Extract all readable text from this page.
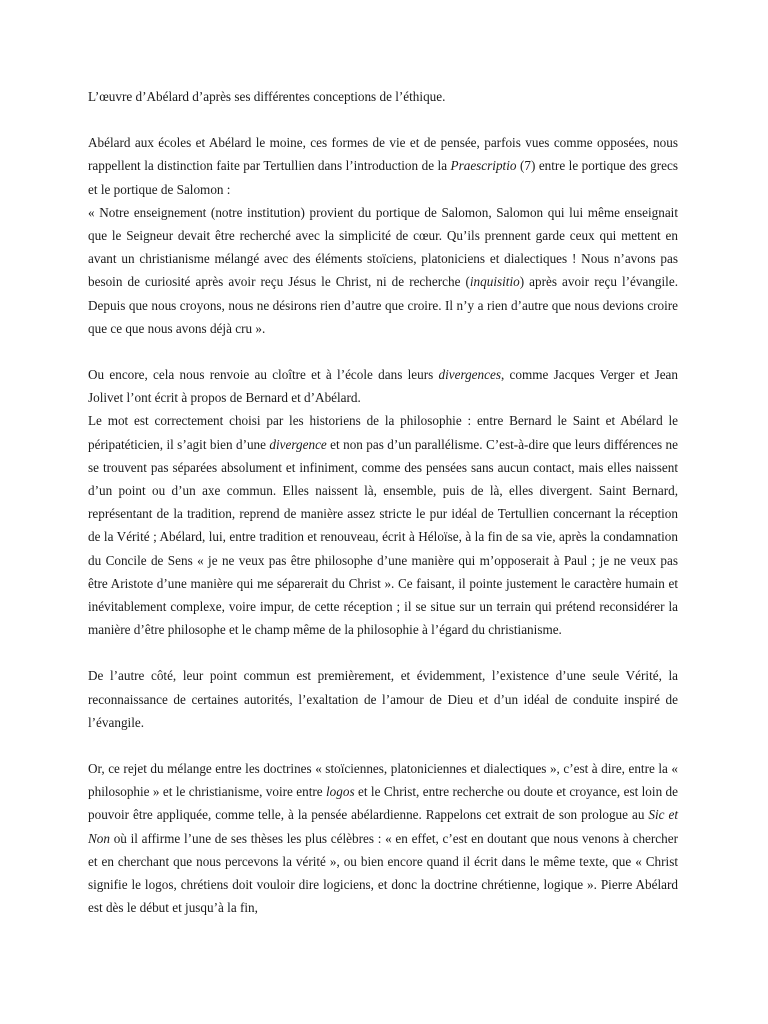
L’œuvre d’Abélard d’après ses différentes conceptions de l’éthique.

Abélard aux écoles et Abélard le moine, ces formes de vie et de pensée, parfois vues comme opposées, nous rappellent la distinction faite par Tertullien dans l’introduction de la Praescriptio (7) entre le portique des grecs et le portique de Salomon :

« Notre enseignement (notre institution) provient du portique de Salomon, Salomon qui lui même enseignait que le Seigneur devait être recherché avec la simplicité de cœur. Qu’ils prennent garde ceux qui mettent en avant un christianisme mélangé avec des éléments stoïciens, platoniciens et dialectiques ! Nous n’avons pas besoin de curiosité après avoir reçu Jésus le Christ, ni de recherche (inquisitio) après avoir reçu l’évangile. Depuis que nous croyons, nous ne désirons rien d’autre que croire. Il n’y a rien d’autre que nous devions croire que ce que nous avons déjà cru ».

Ou encore, cela nous renvoie au cloître et à l’école dans leurs divergences, comme Jacques Verger et Jean Jolivet l’ont écrit à propos de Bernard et d’Abélard.

Le mot est correctement choisi par les historiens de la philosophie : entre Bernard le Saint et Abélard le péripatéticien, il s’agit bien d’une divergence et non pas d’un parallélisme. C’est-à-dire que leurs différences ne se trouvent pas séparées absolument et infiniment, comme des pensées sans aucun contact, mais elles naissent d’un point ou d’un axe commun. Elles naissent là, ensemble, puis de là, elles divergent. Saint Bernard, représentant de la tradition, reprend de manière assez stricte le pur idéal de Tertullien concernant la réception de la Vérité ; Abélard, lui, entre tradition et renouveau, écrit à Héloïse, à la fin de sa vie, après la condamnation du Concile de Sens « je ne veux pas être philosophe d’une manière qui m’opposerait à Paul ; je ne veux pas être Aristote d’une manière qui me séparerait du Christ ». Ce faisant, il pointe justement le caractère humain et inévitablement complexe, voire impur, de cette réception ; il se situe sur un terrain qui prétend reconsidérer la manière d’être philosophe et le champ même de la philosophie à l’égard du christianisme.

De l’autre côté, leur point commun est premièrement, et évidemment, l’existence d’une seule Vérité, la reconnaissance de certaines autorités, l’exaltation de l’amour de Dieu et d’un idéal de conduite inspiré de l’évangile.

Or, ce rejet du mélange entre les doctrines « stoïciennes, platoniciennes et dialectiques », c’est à dire, entre la « philosophie » et le christianisme, voire entre logos et le Christ, entre recherche ou doute et croyance, est loin de pouvoir être appliquée, comme telle, à la pensée abélardienne. Rappelons cet extrait de son prologue au Sic et Non où il affirme l’une de ses thèses les plus célèbres : « en effet, c’est en doutant que nous venons à chercher et en cherchant que nous percevons la vérité », ou bien encore quand il écrit dans le même texte, que « Christ signifie le logos, chrétiens doit vouloir dire logiciens, et donc la doctrine chrétienne, logique ». Pierre Abélard est dès le début et jusqu’à la fin,
